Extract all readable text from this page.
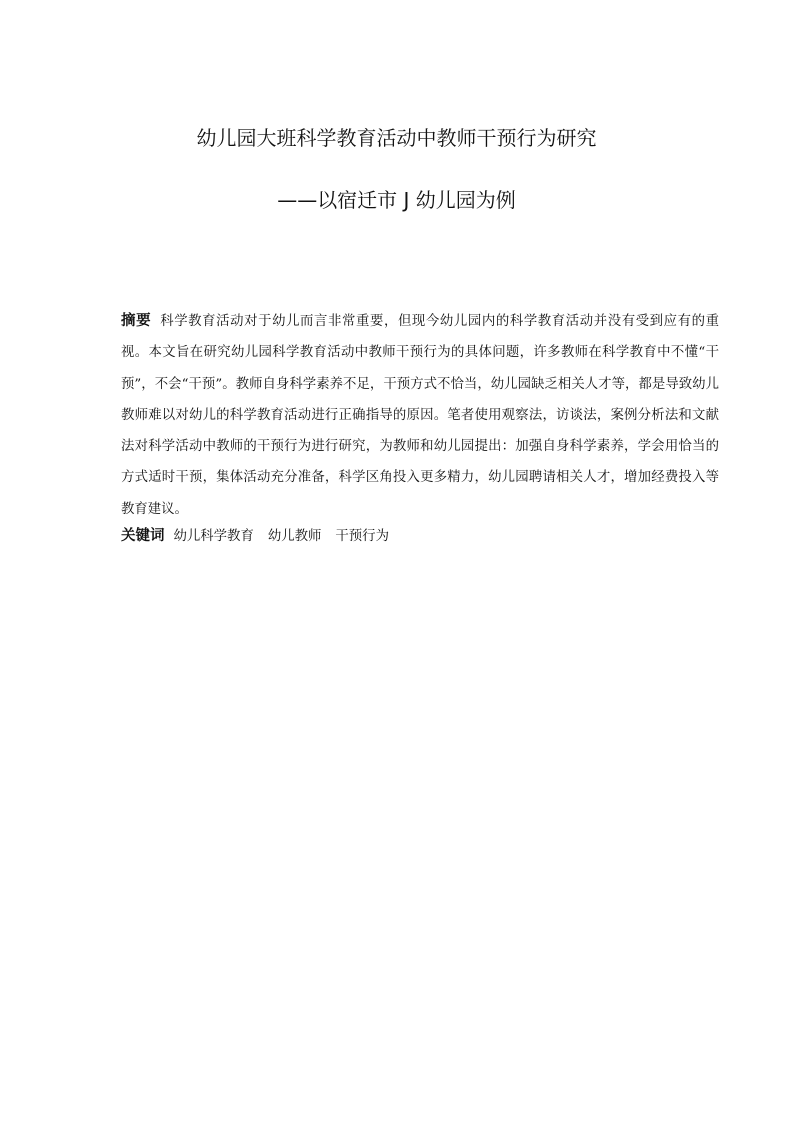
幼儿园大班科学教育活动中教师干预行为研究
——以宿迁市 J 幼儿园为例
摘要 科学教育活动对于幼儿而言非常重要，但现今幼儿园内的科学教育活动并没有受到应有的重视。本文旨在研究幼儿园科学教育活动中教师干预行为的具体问题，许多教师在科学教育中不懂“干预”，不会“干预”。教师自身科学素养不足，干预方式不恰当，幼儿园缺乏相关人才等，都是导致幼儿教师难以对幼儿的科学教育活动进行正确指导的原因。笔者使用观察法，访谈法，案例分析法和文献法对科学活动中教师的干预行为进行研究，为教师和幼儿园提出：加强自身科学素养，学会用恰当的方式适时干预，集体活动充分准备，科学区角投入更多精力，幼儿园聘请相关人才，增加经费投入等教育建议。
关键词 幼儿科学教育 幼儿教师 干预行为
